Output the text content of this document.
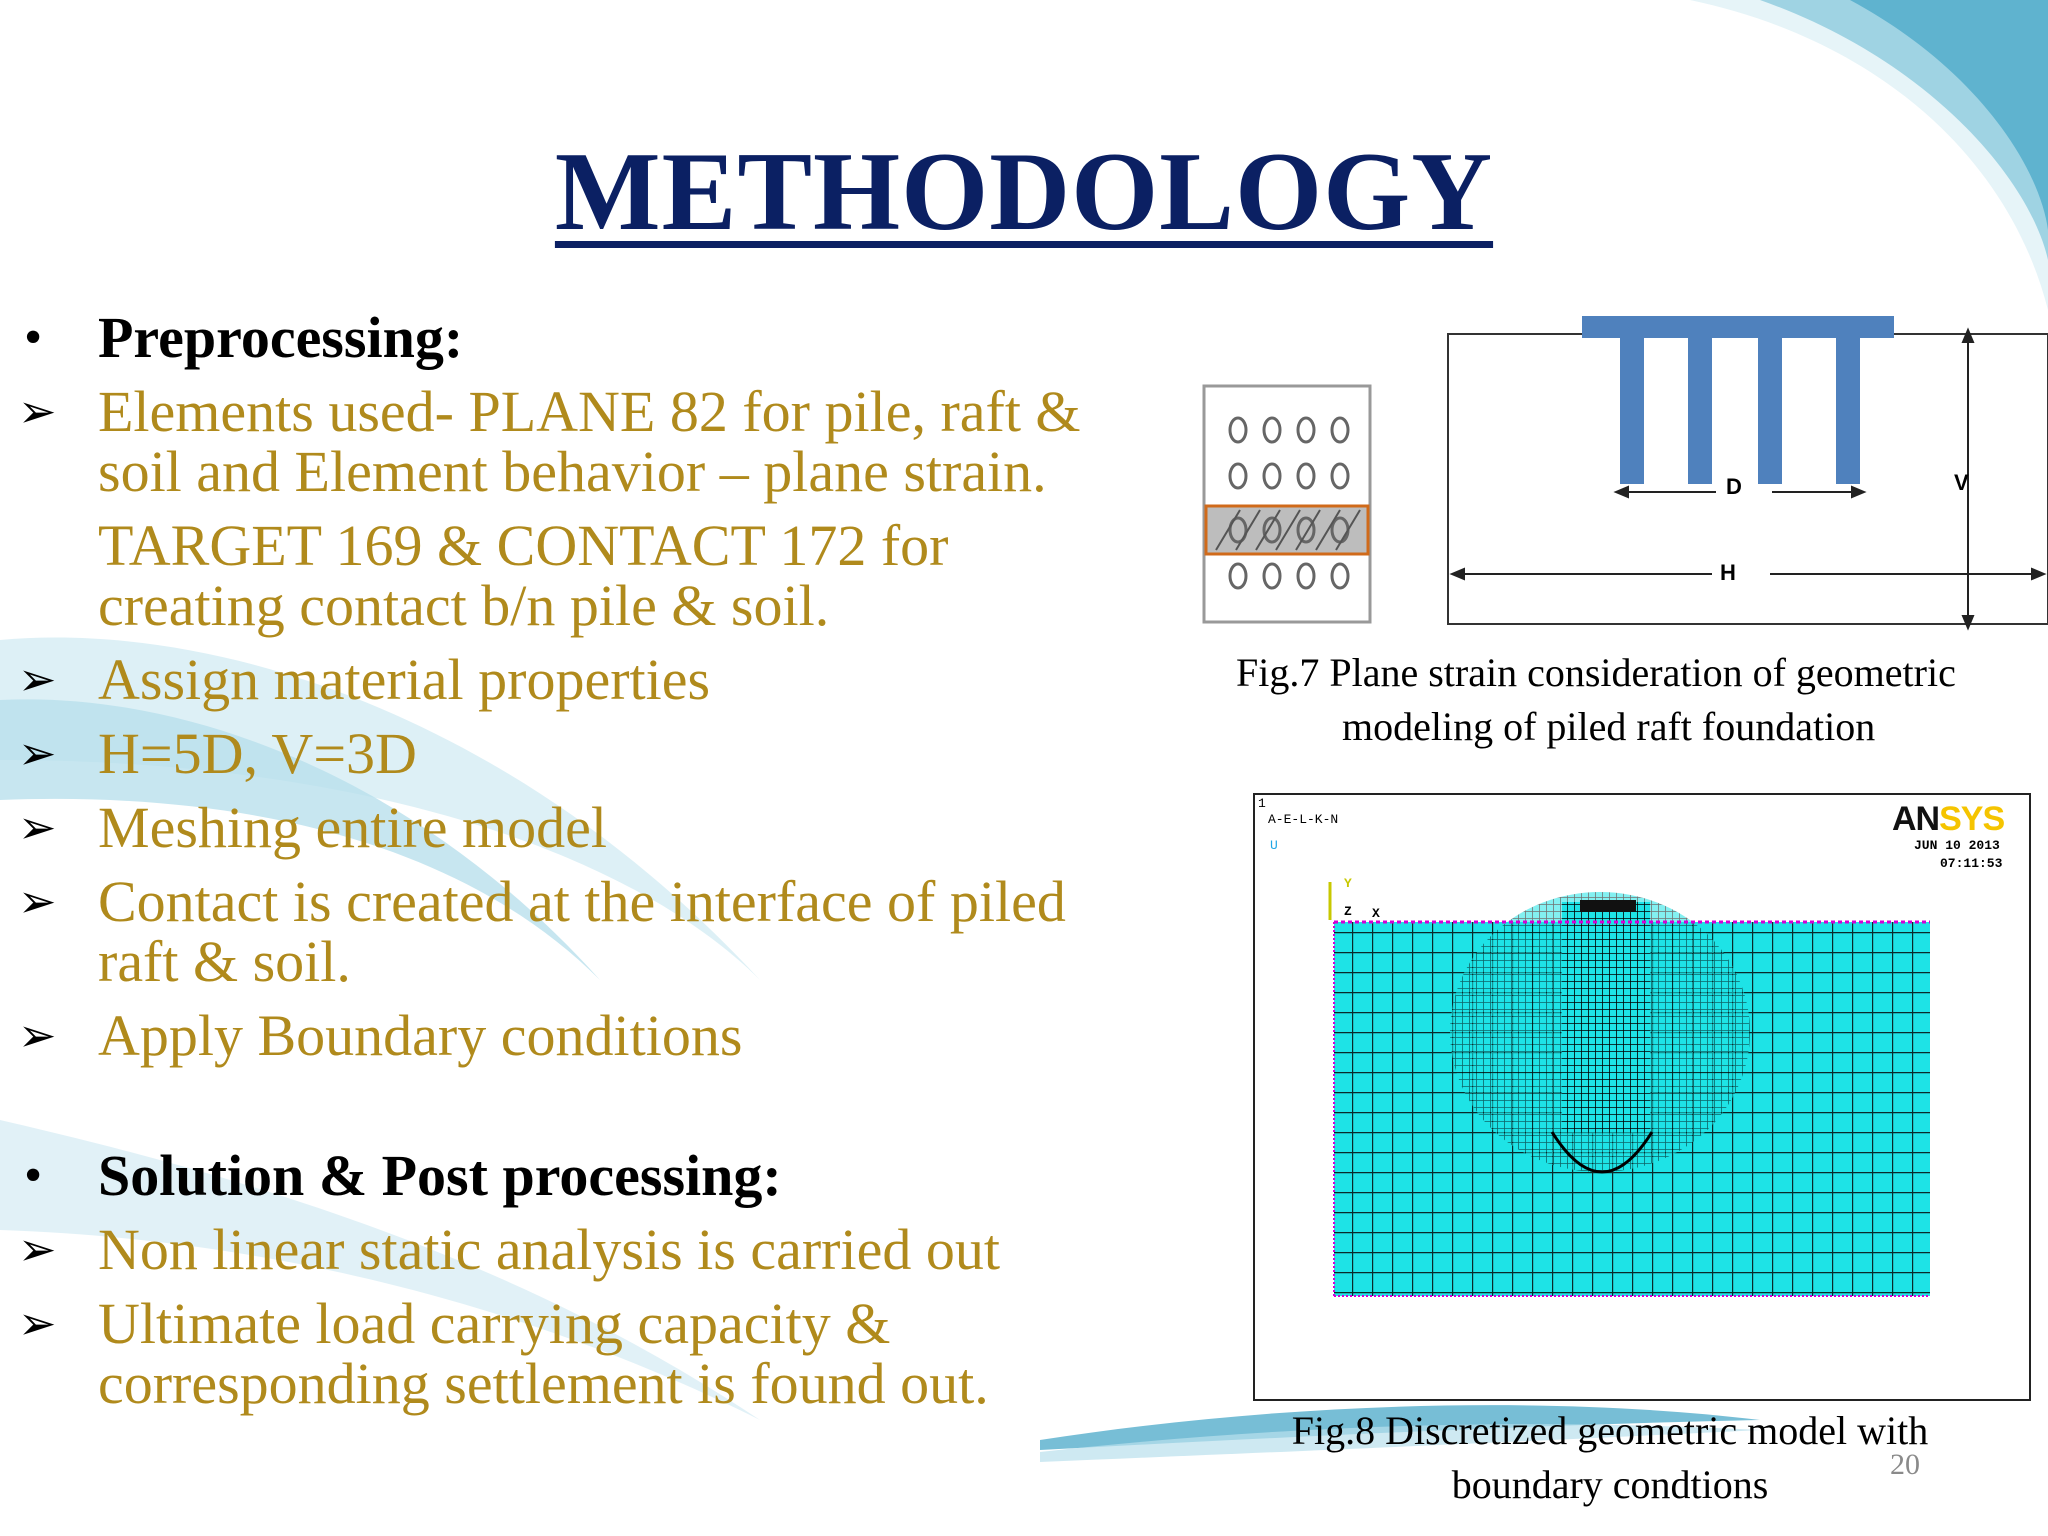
METHODOLOGY
• Preprocessing:
➢ Elements used- PLANE 82 for pile, raft &
soil and Element behavior – plane strain.
TARGET 169 & CONTACT 172 for
creating contact b/n pile & soil.
➢ Assign material properties
➢ H=5D, V=3D
➢ Meshing entire model
➢ Contact is created at the interface of piled
raft & soil.
➢ Apply Boundary conditions
• Solution & Post processing:
➢ Non linear static analysis is carried out
➢ Ultimate load carrying capacity &
corresponding settlement is found out.
D	V
H
Fig.7 Plane strain consideration of geometric
modeling of piled raft foundation
1
A-E-L-K-N
U	JUN 10 2013
07:11:53
Y
Z X
ANSYS
Fig.8 Discretized geometric model with
boundary condtions	20
